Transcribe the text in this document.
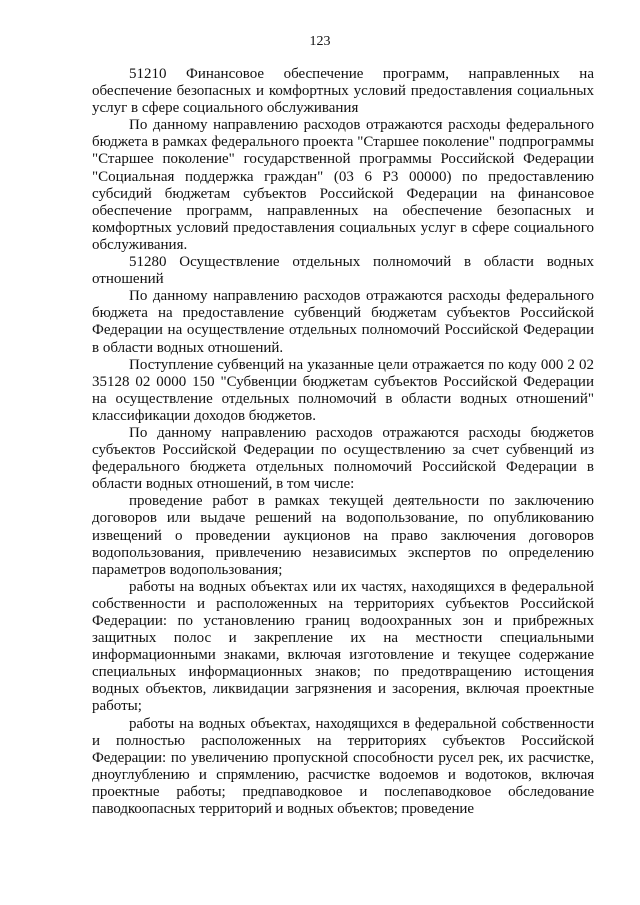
123

51210 Финансовое обеспечение программ, направленных на обеспечение безопасных и комфортных условий предоставления социальных услуг в сфере социального обслуживания

По данному направлению расходов отражаются расходы федерального бюджета в рамках федерального проекта "Старшее поколение" подпрограммы "Старшее поколение" государственной программы Российской Федерации "Социальная поддержка граждан" (03 6 P3 00000) по предоставлению субсидий бюджетам субъектов Российской Федерации на финансовое обеспечение программ, направленных на обеспечение безопасных и комфортных условий предоставления социальных услуг в сфере социального обслуживания.

51280 Осуществление отдельных полномочий в области водных отношений

По данному направлению расходов отражаются расходы федерального бюджета на предоставление субвенций бюджетам субъектов Российской Федерации на осуществление отдельных полномочий Российской Федерации в области водных отношений.

Поступление субвенций на указанные цели отражается по коду 000 2 02 35128 02 0000 150 "Субвенции бюджетам субъектов Российской Федерации на осуществление отдельных полномочий в области водных отношений" классификации доходов бюджетов.

По данному направлению расходов отражаются расходы бюджетов субъектов Российской Федерации по осуществлению за счет субвенций из федерального бюджета отдельных полномочий Российской Федерации в области водных отношений, в том числе:

проведение работ в рамках текущей деятельности по заключению договоров или выдаче решений на водопользование, по опубликованию извещений о проведении аукционов на право заключения договоров водопользования, привлечению независимых экспертов по определению параметров водопользования;

работы на водных объектах или их частях, находящихся в федеральной собственности и расположенных на территориях субъектов Российской Федерации: по установлению границ водоохранных зон и прибрежных защитных полос и закрепление их на местности специальными информационными знаками, включая изготовление и текущее содержание специальных информационных знаков; по предотвращению истощения водных объектов, ликвидации загрязнения и засорения, включая проектные работы;

работы на водных объектах, находящихся в федеральной собственности и полностью расположенных на территориях субъектов Российской Федерации: по увеличению пропускной способности русел рек, их расчистке, дноуглублению и спрямлению, расчистке водоемов и водотоков, включая проектные работы; предпаводковое и послепаводковое обследование паводкоопасных территорий и водных объектов; проведение
